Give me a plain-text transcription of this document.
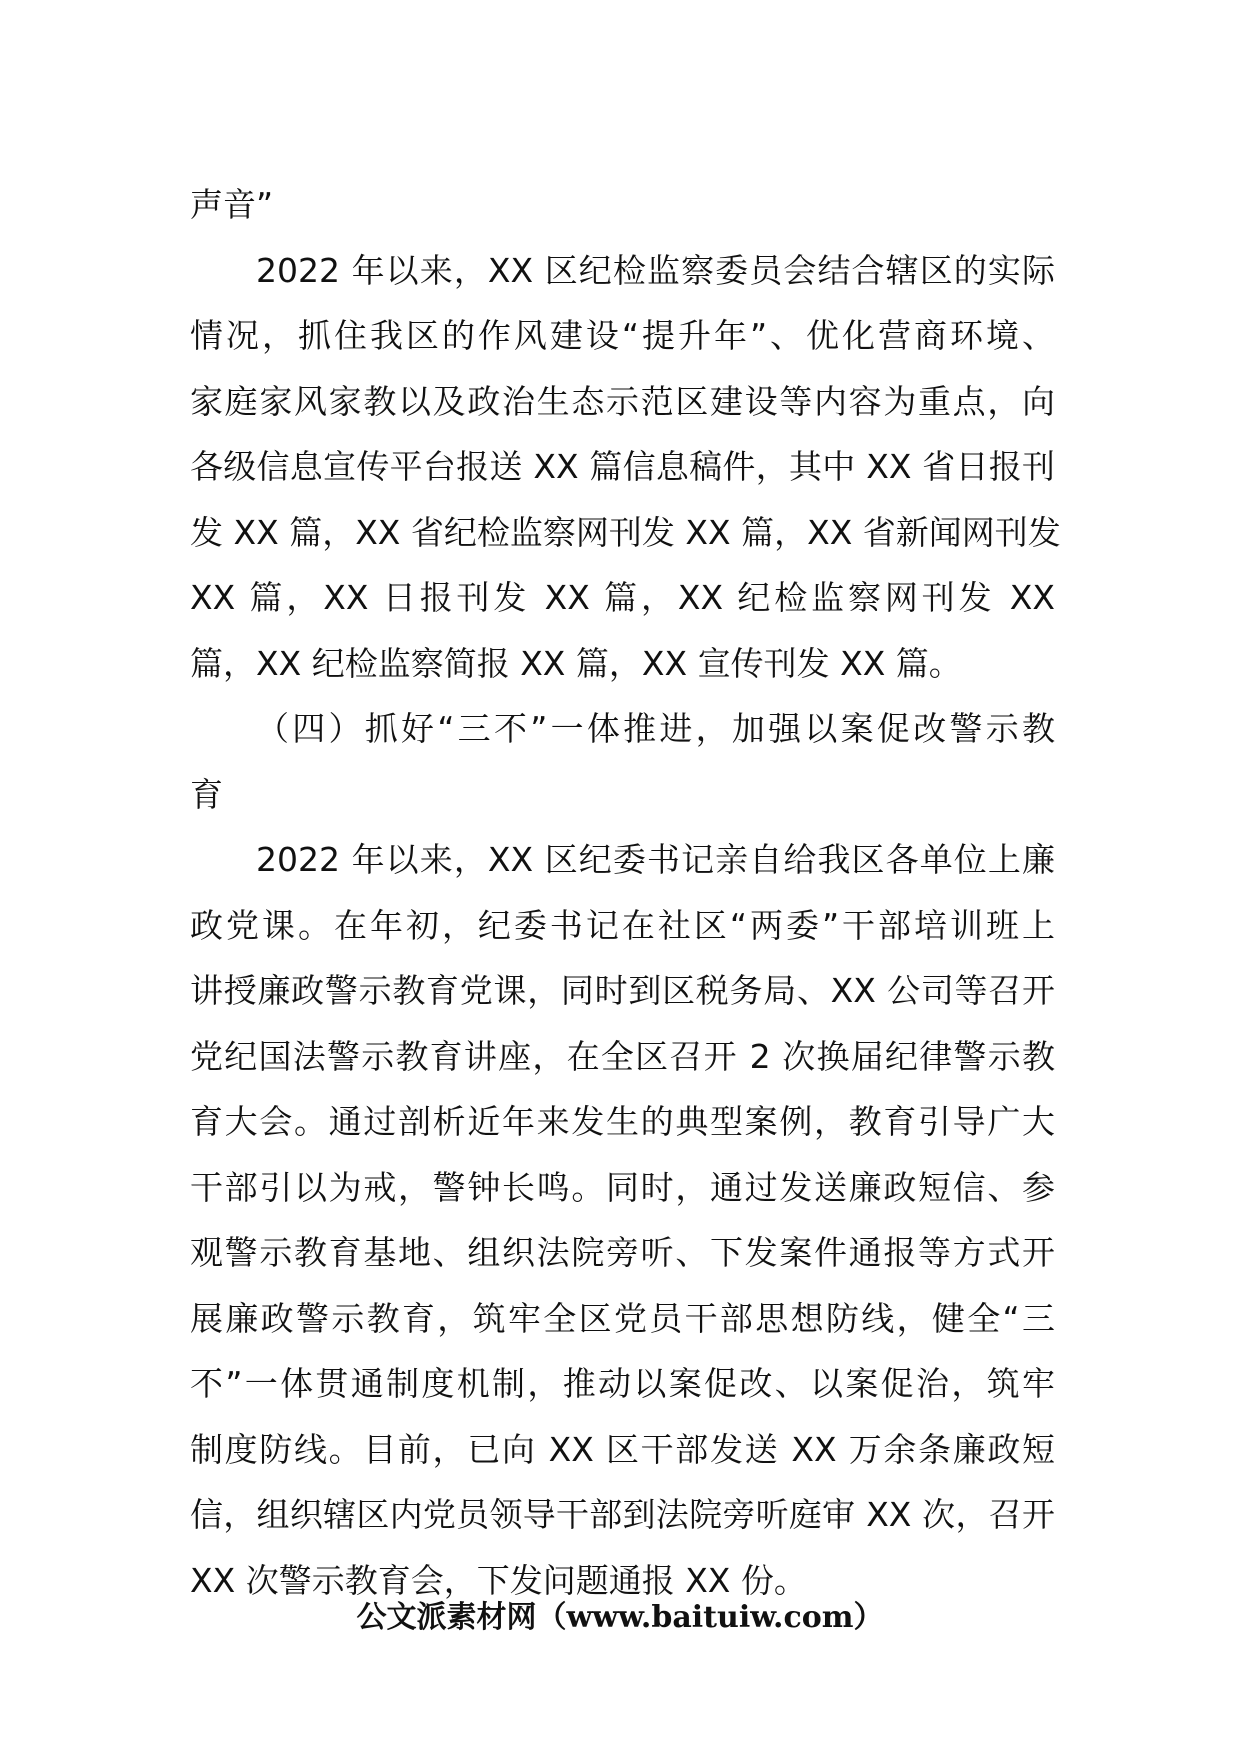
声音”
2022 年以来，XX 区纪检监察委员会结合辖区的实际
情况，抓住我区的作风建设“提升年”、优化营商环境、
家庭家风家教以及政治生态示范区建设等内容为重点，向
各级信息宣传平台报送 XX 篇信息稿件，其中 XX 省日报刊
发 XX 篇，XX 省纪检监察网刊发 XX 篇，XX 省新闻网刊发
XX 篇，XX 日报刊发 XX 篇，XX 纪检监察网刊发 XX
篇，XX 纪检监察简报 XX 篇，XX 宣传刊发 XX 篇。
（四）抓好“三不”一体推进，加强以案促改警示教
育
2022 年以来，XX 区纪委书记亲自给我区各单位上廉
政党课。在年初，纪委书记在社区“两委”干部培训班上
讲授廉政警示教育党课，同时到区税务局、XX 公司等召开
党纪国法警示教育讲座，在全区召开 2 次换届纪律警示教
育大会。通过剖析近年来发生的典型案例，教育引导广大
干部引以为戒，警钟长鸣。同时，通过发送廉政短信、参
观警示教育基地、组织法院旁听、下发案件通报等方式开
展廉政警示教育，筑牢全区党员干部思想防线，健全“三
不”一体贯通制度机制，推动以案促改、以案促治，筑牢
制度防线。目前，已向 XX 区干部发送 XX 万余条廉政短
信，组织辖区内党员领导干部到法院旁听庭审 XX 次，召开
XX 次警示教育会，下发问题通报 XX 份。
公文派素材网（www.baituiw.com）
